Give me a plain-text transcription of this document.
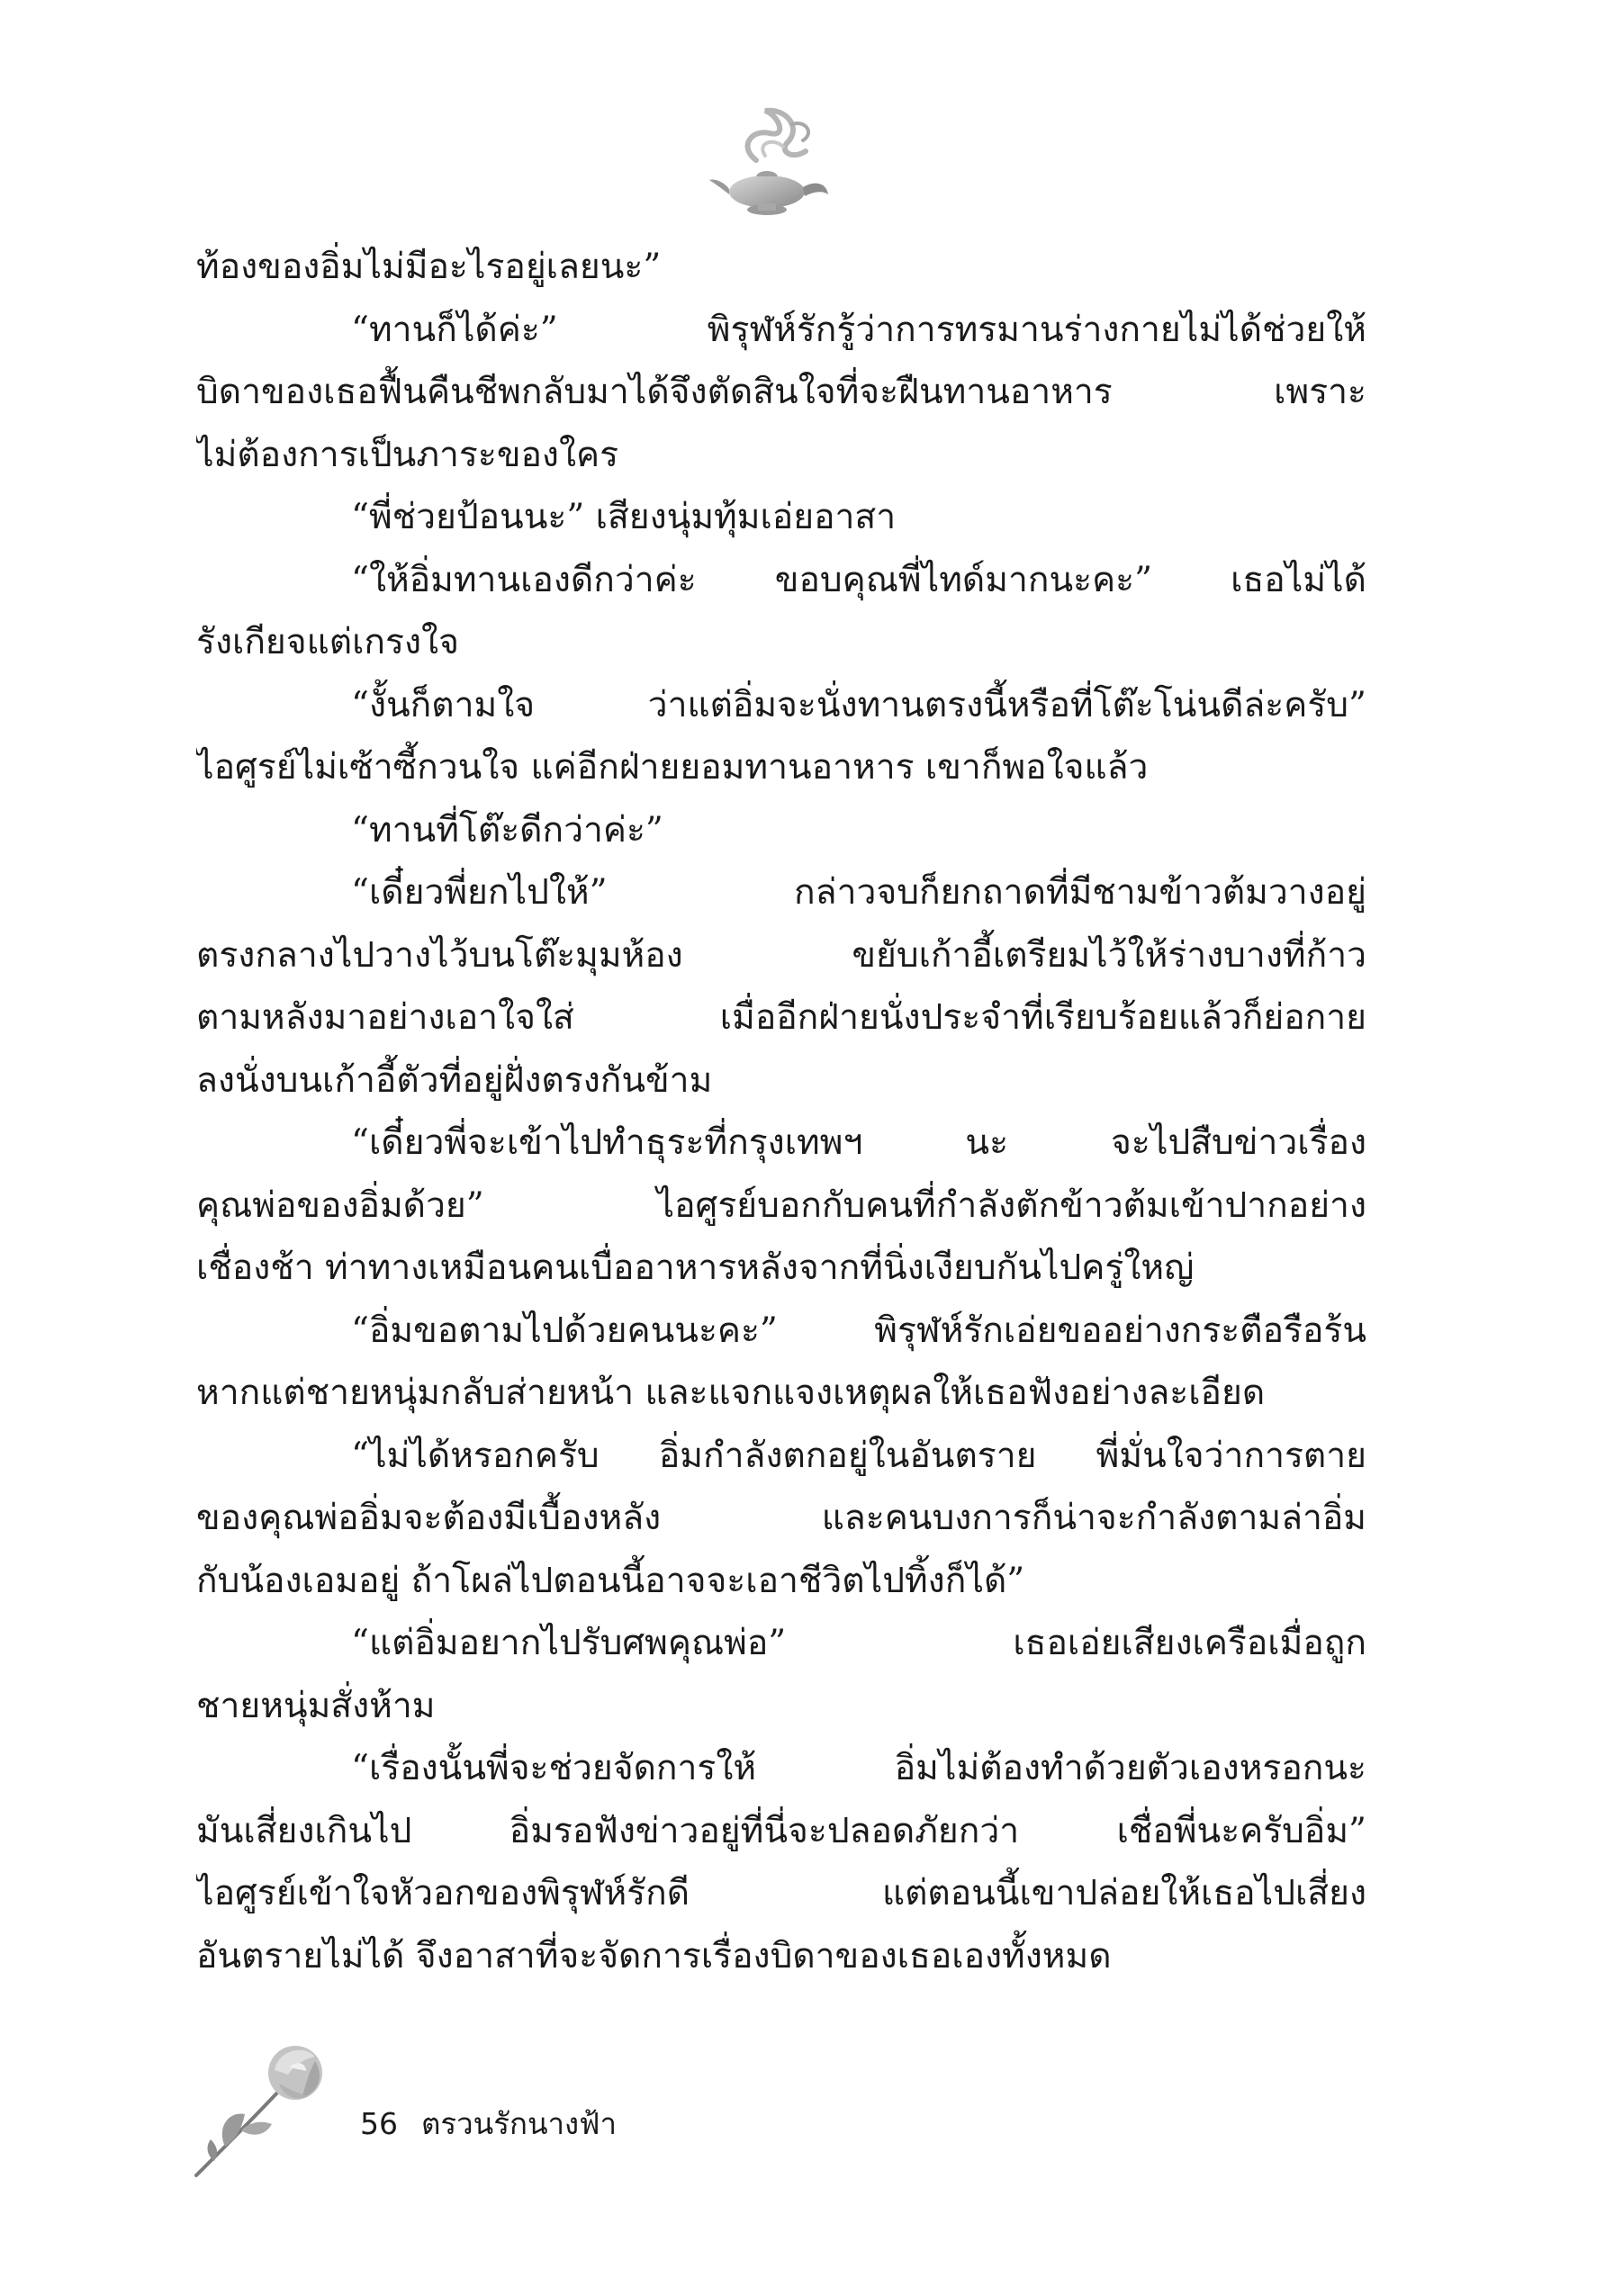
ท้องของอิ่มไม่มีอะไรอยู่เลยนะ”
“ทานก็ได้ค่ะ” พิรุฬห์รักรู้ว่าการทรมานร่างกายไม่ได้ช่วยให้
บิดาของเธอฟื้นคืนชีพกลับมาได้จึงตัดสินใจที่จะฝืนทานอาหาร เพราะ
ไม่ต้องการเป็นภาระของใคร
“พี่ช่วยป้อนนะ” เสียงนุ่มทุ้มเอ่ยอาสา
“ให้อิ่มทานเองดีกว่าค่ะ ขอบคุณพี่ไทด์มากนะคะ” เธอไม่ได้
รังเกียจแต่เกรงใจ
“งั้นก็ตามใจ ว่าแต่อิ่มจะนั่งทานตรงนี้หรือที่โต๊ะโน่นดีล่ะครับ”
ไอศูรย์ไม่เซ้าซี้กวนใจ แค่อีกฝ่ายยอมทานอาหาร เขาก็พอใจแล้ว
“ทานที่โต๊ะดีกว่าค่ะ”
“เดี๋ยวพี่ยกไปให้” กล่าวจบก็ยกถาดที่มีชามข้าวต้มวางอยู่
ตรงกลางไปวางไว้บนโต๊ะมุมห้อง ขยับเก้าอี้เตรียมไว้ให้ร่างบางที่ก้าว
ตามหลังมาอย่างเอาใจใส่ เมื่ออีกฝ่ายนั่งประจำที่เรียบร้อยแล้วก็ย่อกาย
ลงนั่งบนเก้าอี้ตัวที่อยู่ฝั่งตรงกันข้าม
“เดี๋ยวพี่จะเข้าไปทำธุระที่กรุงเทพฯ นะ จะไปสืบข่าวเรื่อง
คุณพ่อของอิ่มด้วย” ไอศูรย์บอกกับคนที่กำลังตักข้าวต้มเข้าปากอย่าง
เชื่องช้า ท่าทางเหมือนคนเบื่ออาหารหลังจากที่นิ่งเงียบกันไปครู่ใหญ่
“อิ่มขอตามไปด้วยคนนะคะ” พิรุฬห์รักเอ่ยขออย่างกระตือรือร้น
หากแต่ชายหนุ่มกลับส่ายหน้า และแจกแจงเหตุผลให้เธอฟังอย่างละเอียด
“ไม่ได้หรอกครับ อิ่มกำลังตกอยู่ในอันตราย พี่มั่นใจว่าการตาย
ของคุณพ่ออิ่มจะต้องมีเบื้องหลัง และคนบงการก็น่าจะกำลังตามล่าอิ่ม
กับน้องเอมอยู่ ถ้าโผล่ไปตอนนี้อาจจะเอาชีวิตไปทิ้งก็ได้”
“แต่อิ่มอยากไปรับศพคุณพ่อ” เธอเอ่ยเสียงเครือเมื่อถูก
ชายหนุ่มสั่งห้าม
“เรื่องนั้นพี่จะช่วยจัดการให้ อิ่มไม่ต้องทำด้วยตัวเองหรอกนะ
มันเสี่ยงเกินไป อิ่มรอฟังข่าวอยู่ที่นี่จะปลอดภัยกว่า เชื่อพี่นะครับอิ่ม”
ไอศูรย์เข้าใจหัวอกของพิรุฬห์รักดี แต่ตอนนี้เขาปล่อยให้เธอไปเสี่ยง
อันตรายไม่ได้ จึงอาสาที่จะจัดการเรื่องบิดาของเธอเองทั้งหมด
56 ตรวนรักนางฟ้า
